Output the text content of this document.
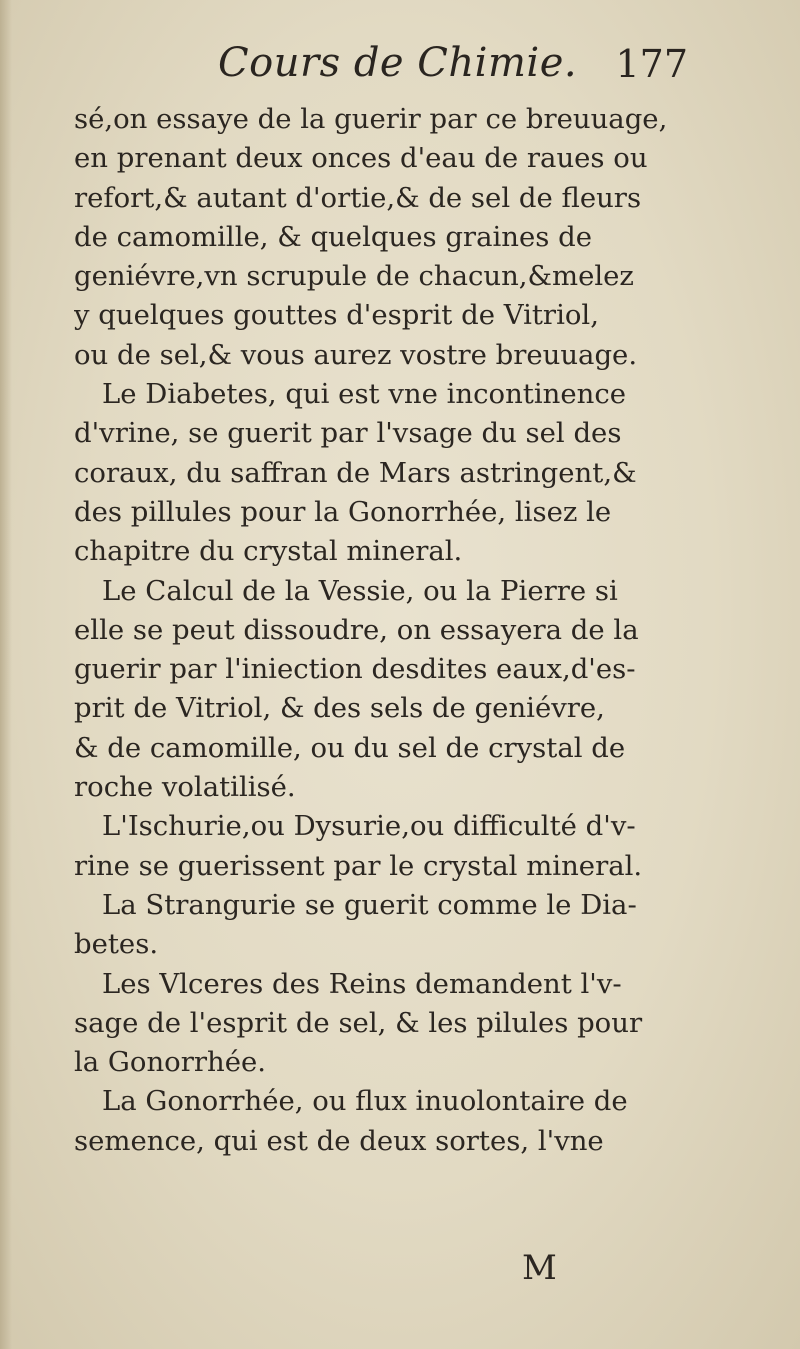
Cours de Chimie. 177
sé,on essaye de la guerir par ce breuuage,
en prenant deux onces d'eau de raues ou
refort,& autant d'ortie,& de sel de fleurs
de camomille, & quelques graines de
geniévre,vn scrupule de chacun,&melez
y quelques gouttes d'esprit de Vitriol,
ou de sel,& vous aurez vostre breuuage.
Le Diabetes, qui est vne incontinence
d'vrine, se guerit par l'vsage du sel des
coraux, du saffran de Mars astringent,&
des pillules pour la Gonorrhée, lisez le
chapitre du crystal mineral.
Le Calcul de la Vessie, ou la Pierre si
elle se peut dissoudre, on essayera de la
guerir par l'iniection desdites eaux,d'es-
prit de Vitriol, & des sels de geniévre,
& de camomille, ou du sel de crystal de
roche volatilisé.
L'Ischurie,ou Dysurie,ou difficulté d'v-
rine se guerissent par le crystal mineral.
La Strangurie se guerit comme le Dia-
betes.
Les Vlceres des Reins demandent l'v-
sage de l'esprit de sel, & les pilules pour
la Gonorrhée.
La Gonorrhée, ou flux inuolontaire de
semence, qui est de deux sortes, l'vne
M
